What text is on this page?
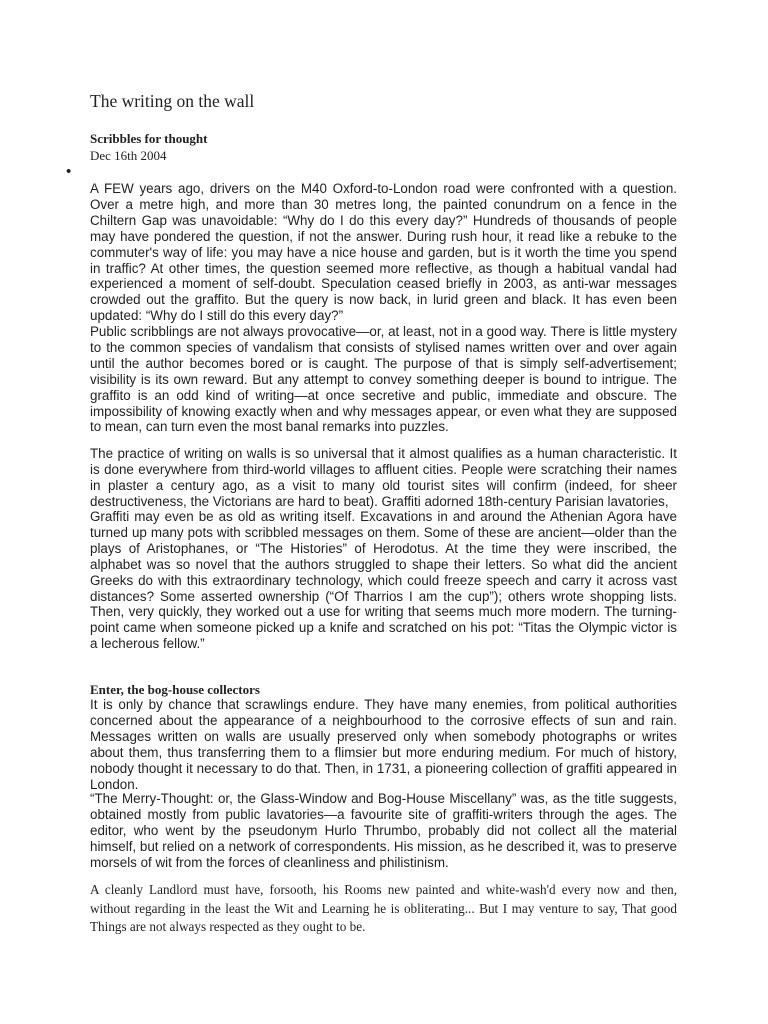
The writing on the wall
Scribbles for thought
Dec 16th 2004
•

A FEW years ago, drivers on the M40 Oxford-to-London road were confronted with a question. Over a metre high, and more than 30 metres long, the painted conundrum on a fence in the Chiltern Gap was unavoidable: “Why do I do this every day?” Hundreds of thousands of people may have pondered the question, if not the answer. During rush hour, it read like a rebuke to the commuter's way of life: you may have a nice house and garden, but is it worth the time you spend in traffic? At other times, the question seemed more reflective, as though a habitual vandal had experienced a moment of self-doubt. Speculation ceased briefly in 2003, as anti-war messages crowded out the graffito. But the query is now back, in lurid green and black. It has even been updated: “Why do I still do this every day?”

Public scribblings are not always provocative—or, at least, not in a good way. There is little mystery to the common species of vandalism that consists of stylised names written over and over again until the author becomes bored or is caught. The purpose of that is simply self-advertisement; visibility is its own reward. But any attempt to convey something deeper is bound to intrigue. The graffito is an odd kind of writing—at once secretive and public, immediate and obscure. The impossibility of knowing exactly when and why messages appear, or even what they are supposed to mean, can turn even the most banal remarks into puzzles.

The practice of writing on walls is so universal that it almost qualifies as a human characteristic. It is done everywhere from third-world villages to affluent cities. People were scratching their names in plaster a century ago, as a visit to many old tourist sites will confirm (indeed, for sheer destructiveness, the Victorians are hard to beat). Graffiti adorned 18th-century Parisian lavatories,

Graffiti may even be as old as writing itself. Excavations in and around the Athenian Agora have turned up many pots with scribbled messages on them. Some of these are ancient—older than the plays of Aristophanes, or “The Histories” of Herodotus. At the time they were inscribed, the alphabet was so novel that the authors struggled to shape their letters. So what did the ancient Greeks do with this extraordinary technology, which could freeze speech and carry it across vast distances? Some asserted ownership (“Of Tharrios I am the cup”); others wrote shopping lists. Then, very quickly, they worked out a use for writing that seems much more modern. The turning-point came when someone picked up a knife and scratched on his pot: “Titas the Olympic victor is a lecherous fellow.”

Enter, the bog-house collectors

It is only by chance that scrawlings endure. They have many enemies, from political authorities concerned about the appearance of a neighbourhood to the corrosive effects of sun and rain. Messages written on walls are usually preserved only when somebody photographs or writes about them, thus transferring them to a flimsier but more enduring medium. For much of history, nobody thought it necessary to do that. Then, in 1731, a pioneering collection of graffiti appeared in London.

“The Merry-Thought: or, the Glass-Window and Bog-House Miscellany” was, as the title suggests, obtained mostly from public lavatories—a favourite site of graffiti-writers through the ages. The editor, who went by the pseudonym Hurlo Thrumbo, probably did not collect all the material himself, but relied on a network of correspondents. His mission, as he described it, was to preserve morsels of wit from the forces of cleanliness and philistinism.

A cleanly Landlord must have, forsooth, his Rooms new painted and white-wash'd every now and then, without regarding in the least the Wit and Learning he is obliterating... But I may venture to say, That good Things are not always respected as they ought to be.
